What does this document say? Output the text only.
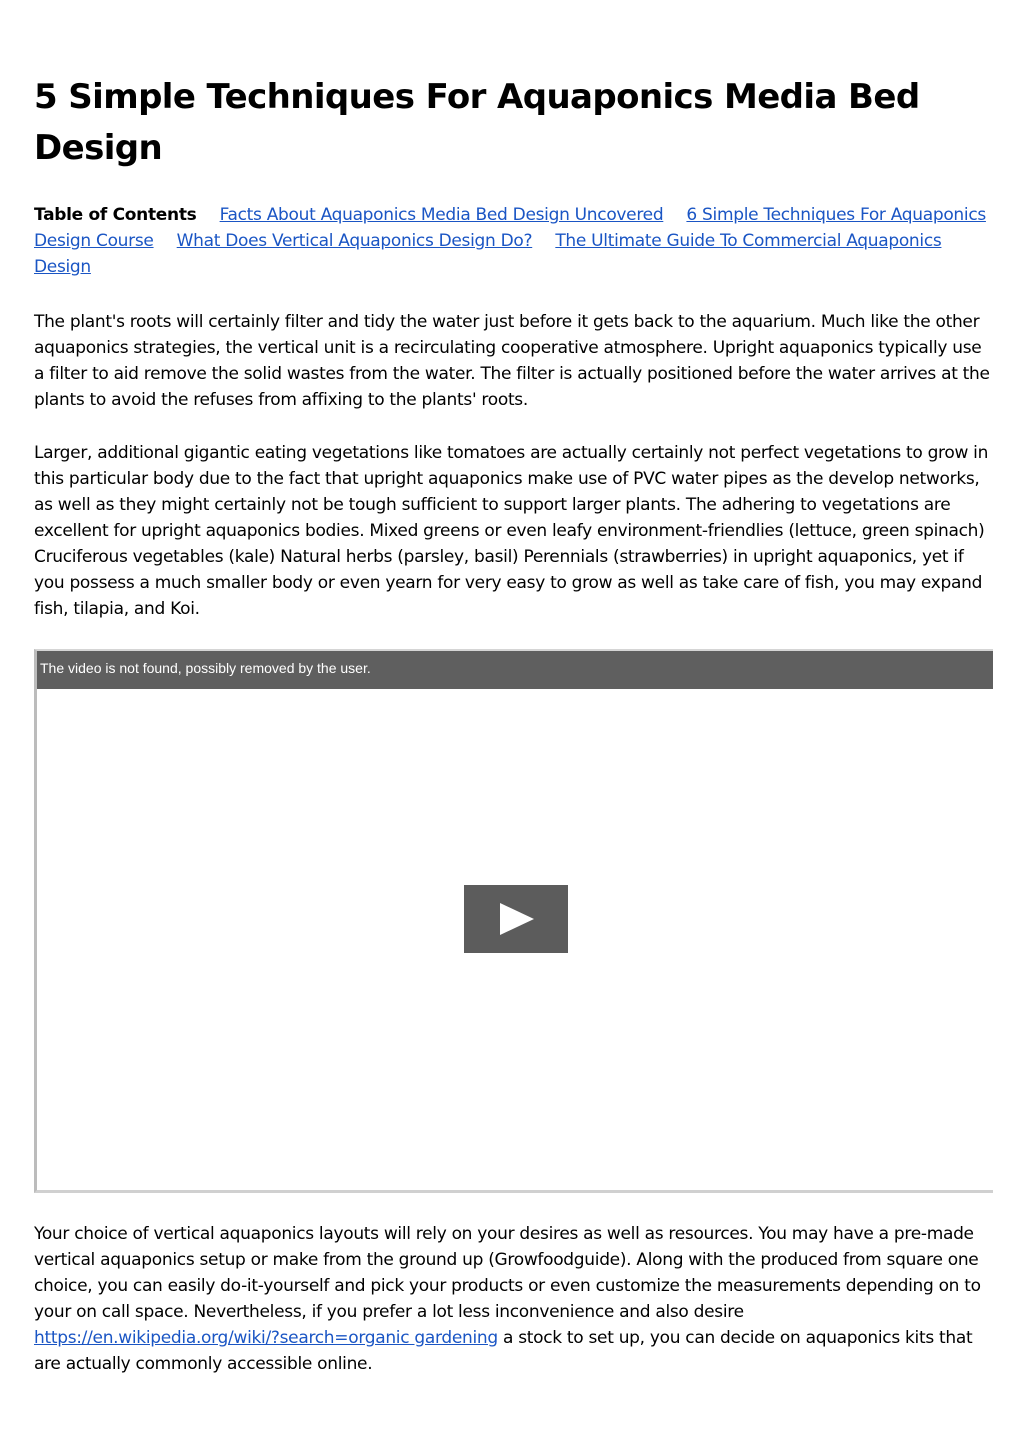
5 Simple Techniques For Aquaponics Media Bed Design
Table of Contents Facts About Aquaponics Media Bed Design Uncovered 6 Simple Techniques For Aquaponics Design Course What Does Vertical Aquaponics Design Do? The Ultimate Guide To Commercial Aquaponics Design

The plant's roots will certainly filter and tidy the water just before it gets back to the aquarium. Much like the other aquaponics strategies, the vertical unit is a recirculating cooperative atmosphere. Upright aquaponics typically use a filter to aid remove the solid wastes from the water. The filter is actually positioned before the water arrives at the plants to avoid the refuses from affixing to the plants' roots.

Larger, additional gigantic eating vegetations like tomatoes are actually certainly not perfect vegetations to grow in this particular body due to the fact that upright aquaponics make use of PVC water pipes as the develop networks, as well as they might certainly not be tough sufficient to support larger plants. The adhering to vegetations are excellent for upright aquaponics bodies. Mixed greens or even leafy environment-friendlies (lettuce, green spinach) Cruciferous vegetables (kale) Natural herbs (parsley, basil) Perennials (strawberries) in upright aquaponics, yet if you possess a much smaller body or even yearn for very easy to grow as well as take care of fish, you may expand fish, tilapia, and Koi.

The video is not found, possibly removed by the user.

Your choice of vertical aquaponics layouts will rely on your desires as well as resources. You may have a pre-made vertical aquaponics setup or make from the ground up (Growfoodguide). Along with the produced from square one choice, you can easily do-it-yourself and pick your products or even customize the measurements depending on to your on call space. Nevertheless, if you prefer a lot less inconvenience and also desire https://en.wikipedia.org/wiki/?search=organic gardening a stock to set up, you can decide on aquaponics kits that are actually commonly accessible online.
